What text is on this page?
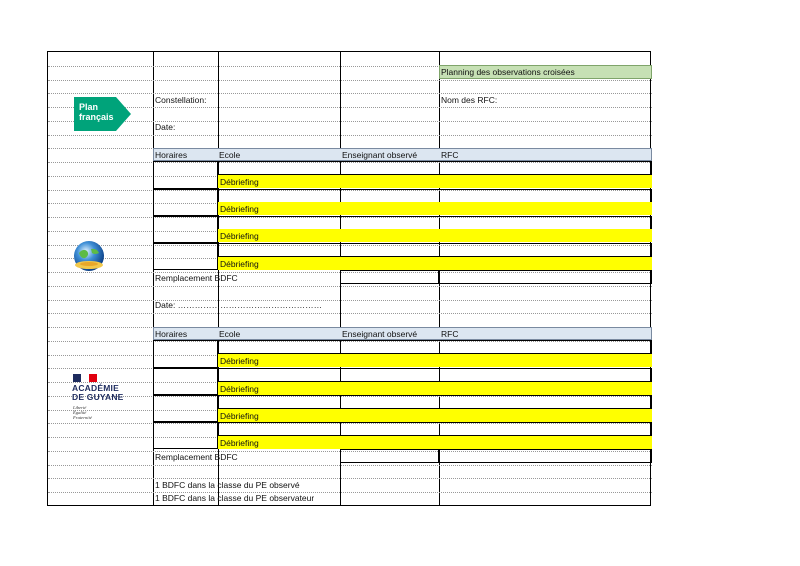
Plan
français
ACADÉMIE
DE GUYANE
Liberté
Égalité
Fraternité
Planning des observations croisées
Constellation:	Nom des RFC:
Date:
Horaires	Ecole	Enseignant observé	RFC
Débriefing
Débriefing
Débriefing
Débriefing
Remplacement BDFC
Date: ……………………………………………
Horaires	Ecole	Enseignant observé	RFC
Débriefing
Débriefing
Débriefing
Débriefing
Remplacement BDFC
1 BDFC dans la classe du PE observé
1 BDFC dans la classe du PE observateur
